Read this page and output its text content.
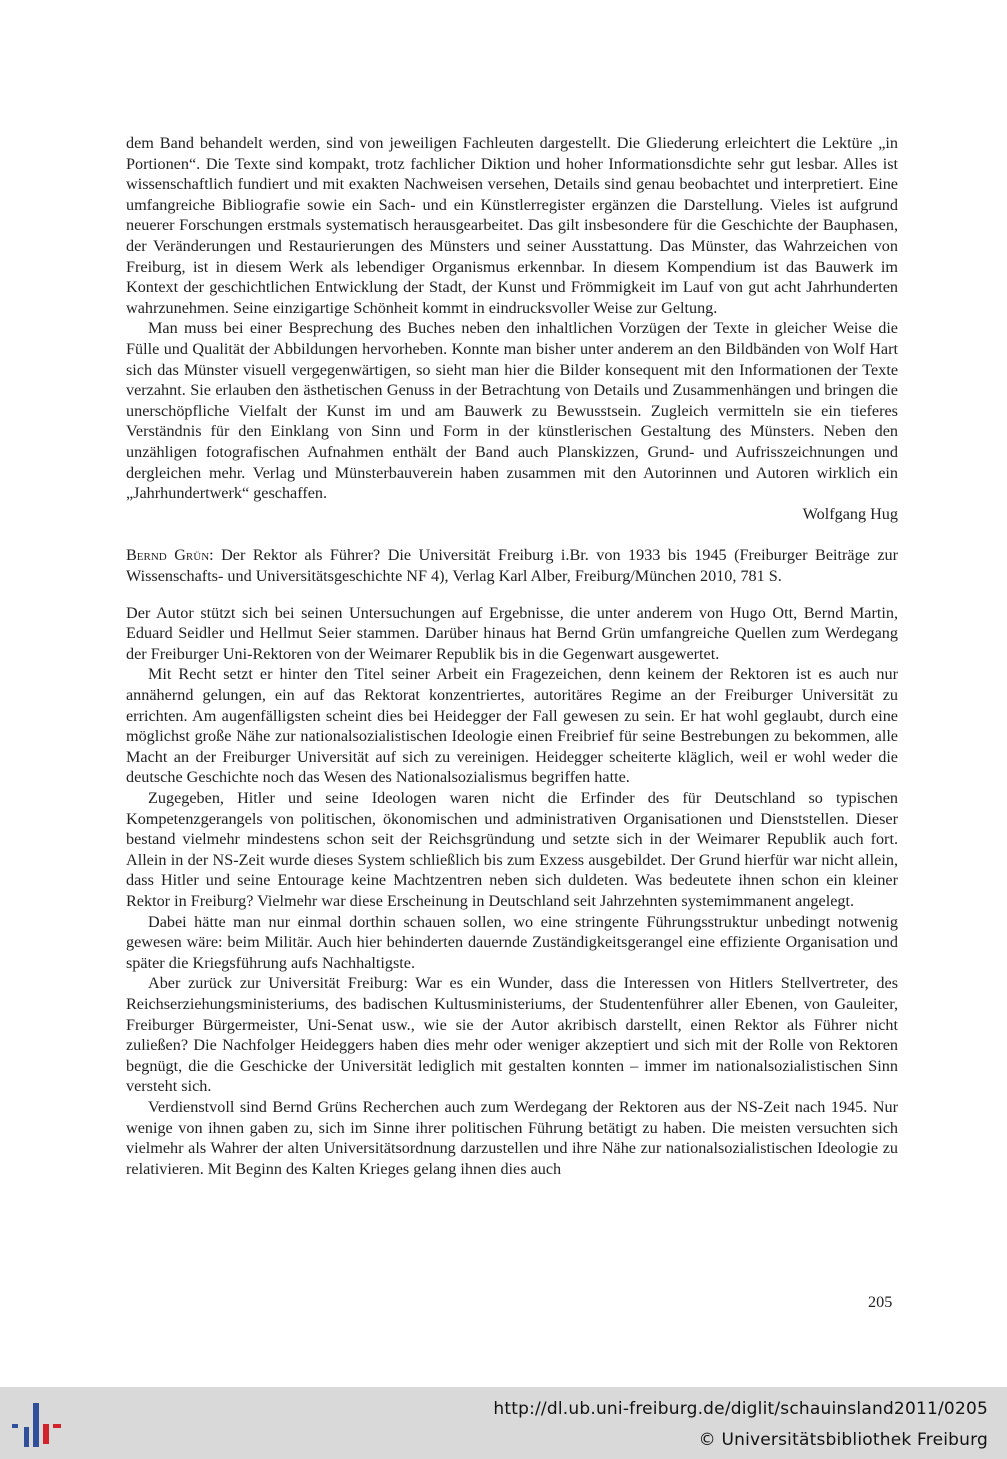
dem Band behandelt werden, sind von jeweiligen Fachleuten dargestellt. Die Gliederung erleichtert die Lektüre „in Portionen“. Die Texte sind kompakt, trotz fachlicher Diktion und hoher Informationsdichte sehr gut lesbar. Alles ist wissenschaftlich fundiert und mit exakten Nachweisen versehen, Details sind genau beobachtet und interpretiert. Eine umfangreiche Bibliografie sowie ein Sach- und ein Künstlerregister ergänzen die Darstellung. Vieles ist aufgrund neuerer Forschungen erstmals systematisch herausgearbeitet. Das gilt insbesondere für die Geschichte der Bauphasen, der Veränderungen und Restaurierungen des Münsters und seiner Ausstattung. Das Münster, das Wahrzeichen von Freiburg, ist in diesem Werk als lebendiger Organismus erkennbar. In diesem Kompendium ist das Bauwerk im Kontext der geschichtlichen Entwicklung der Stadt, der Kunst und Frömmigkeit im Lauf von gut acht Jahrhunderten wahrzunehmen. Seine einzigartige Schönheit kommt in eindrucksvoller Weise zur Geltung.

Man muss bei einer Besprechung des Buches neben den inhaltlichen Vorzügen der Texte in gleicher Weise die Fülle und Qualität der Abbildungen hervorheben. Konnte man bisher unter anderem an den Bildbänden von Wolf Hart sich das Münster visuell vergegenwärtigen, so sieht man hier die Bilder konsequent mit den Informationen der Texte verzahnt. Sie erlauben den ästhetischen Genuss in der Betrachtung von Details und Zusammenhängen und bringen die unerschöpfliche Vielfalt der Kunst im und am Bauwerk zu Bewusstsein. Zugleich vermitteln sie ein tieferes Verständnis für den Einklang von Sinn und Form in der künstlerischen Gestaltung des Münsters. Neben den unzähligen fotografischen Aufnahmen enthält der Band auch Planskizzen, Grund- und Aufrisszeichnungen und dergleichen mehr. Verlag und Münsterbauverein haben zusammen mit den Autorinnen und Autoren wirklich ein „Jahrhundertwerk“ geschaffen.

Wolfgang Hug

Bernd Grün: Der Rektor als Führer? Die Universität Freiburg i.Br. von 1933 bis 1945 (Freiburger Beiträge zur Wissenschafts- und Universitätsgeschichte NF 4), Verlag Karl Alber, Freiburg/München 2010, 781 S.

Der Autor stützt sich bei seinen Untersuchungen auf Ergebnisse, die unter anderem von Hugo Ott, Bernd Martin, Eduard Seidler und Hellmut Seier stammen. Darüber hinaus hat Bernd Grün umfangreiche Quellen zum Werdegang der Freiburger Uni-Rektoren von der Weimarer Republik bis in die Gegenwart ausgewertet.

Mit Recht setzt er hinter den Titel seiner Arbeit ein Fragezeichen, denn keinem der Rektoren ist es auch nur annähernd gelungen, ein auf das Rektorat konzentriertes, autoritäres Regime an der Freiburger Universität zu errichten. Am augenfälligsten scheint dies bei Heidegger der Fall gewesen zu sein. Er hat wohl geglaubt, durch eine möglichst große Nähe zur nationalsozialistischen Ideologie einen Freibrief für seine Bestrebungen zu bekommen, alle Macht an der Freiburger Universität auf sich zu vereinigen. Heidegger scheiterte kläglich, weil er wohl weder die deutsche Geschichte noch das Wesen des Nationalsozialismus begriffen hatte.

Zugegeben, Hitler und seine Ideologen waren nicht die Erfinder des für Deutschland so typischen Kompetenzgerangels von politischen, ökonomischen und administrativen Organisationen und Dienststellen. Dieser bestand vielmehr mindestens schon seit der Reichsgründung und setzte sich in der Weimarer Republik auch fort. Allein in der NS-Zeit wurde dieses System schließlich bis zum Exzess ausgebildet. Der Grund hierfür war nicht allein, dass Hitler und seine Entourage keine Machtzentren neben sich duldeten. Was bedeutete ihnen schon ein kleiner Rektor in Freiburg? Vielmehr war diese Erscheinung in Deutschland seit Jahrzehnten systemimmanent angelegt.

Dabei hätte man nur einmal dorthin schauen sollen, wo eine stringente Führungsstruktur unbedingt notwenig gewesen wäre: beim Militär. Auch hier behinderten dauernde Zuständigkeitsgerangel eine effiziente Organisation und später die Kriegsführung aufs Nachhaltigste.

Aber zurück zur Universität Freiburg: War es ein Wunder, dass die Interessen von Hitlers Stellvertreter, des Reichserziehungsministeriums, des badischen Kultusministeriums, der Studentenführer aller Ebenen, von Gauleiter, Freiburger Bürgermeister, Uni-Senat usw., wie sie der Autor akribisch darstellt, einen Rektor als Führer nicht zuließen? Die Nachfolger Heideggers haben dies mehr oder weniger akzeptiert und sich mit der Rolle von Rektoren begnügt, die die Geschicke der Universität lediglich mit gestalten konnten – immer im nationalsozialistischen Sinn versteht sich.

Verdienstvoll sind Bernd Grüns Recherchen auch zum Werdegang der Rektoren aus der NS-Zeit nach 1945. Nur wenige von ihnen gaben zu, sich im Sinne ihrer politischen Führung betätigt zu haben. Die meisten versuchten sich vielmehr als Wahrer der alten Universitätsordnung darzustellen und ihre Nähe zur nationalsozialistischen Ideologie zu relativieren. Mit Beginn des Kalten Krieges gelang ihnen dies auch

205
http://dl.ub.uni-freiburg.de/diglit/schauinsland2011/0205
© Universitätsbibliothek Freiburg
